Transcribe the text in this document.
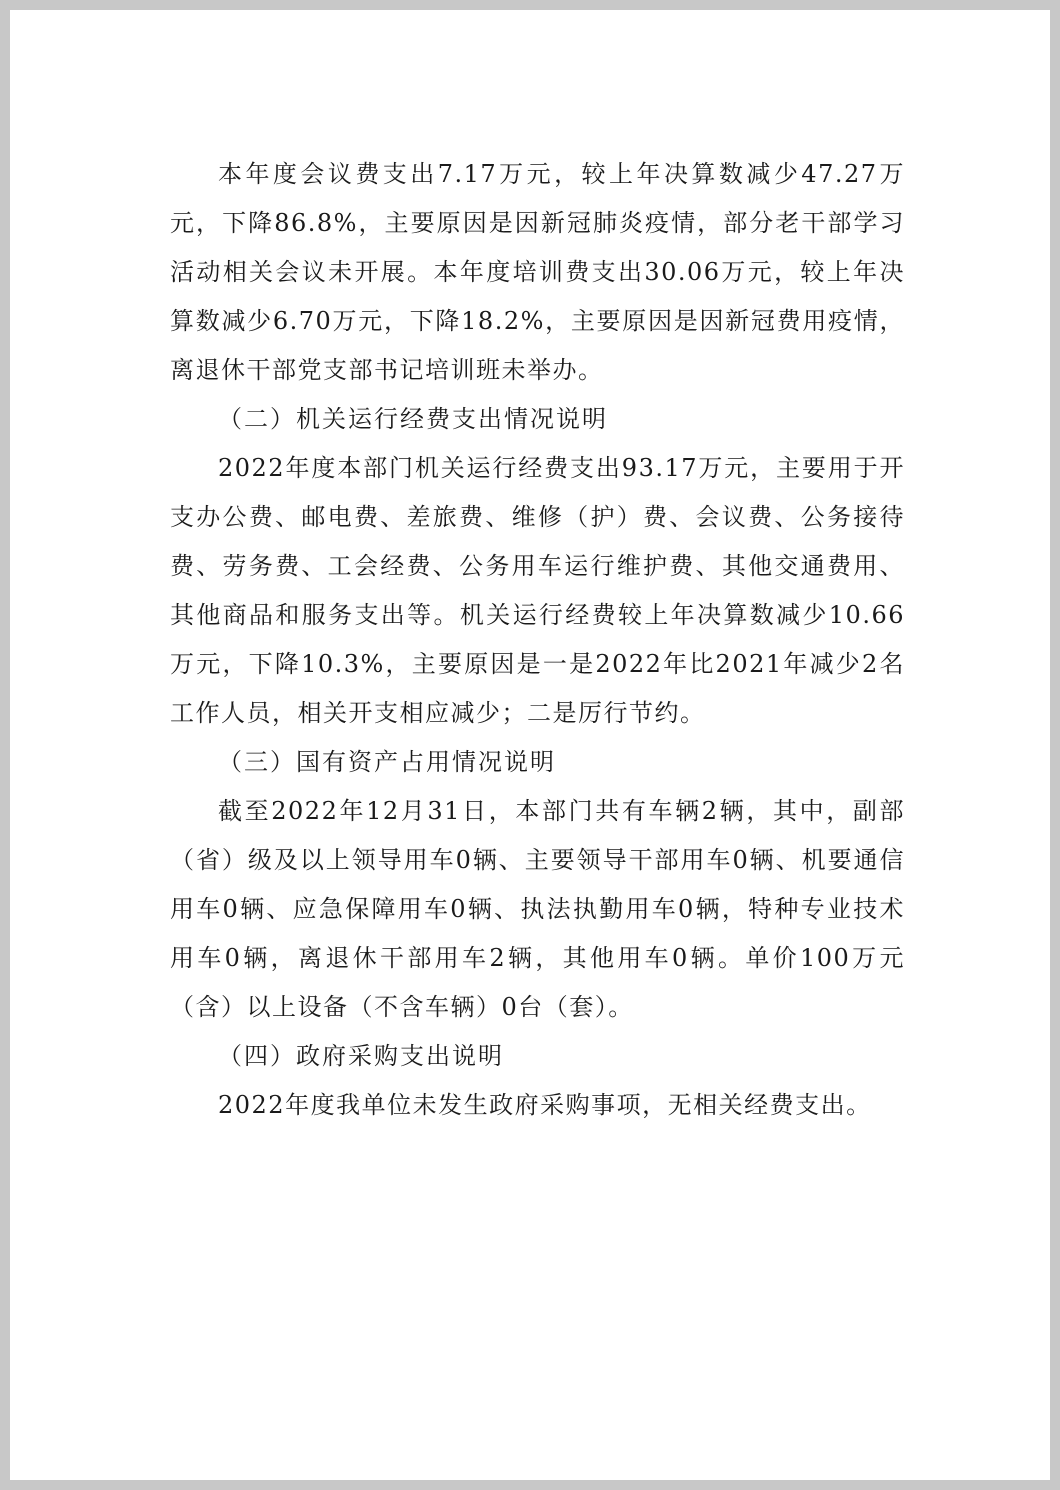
本年度会议费支出7.17万元，较上年决算数减少47.27万元，下降86.8%，主要原因是因新冠肺炎疫情，部分老干部学习活动相关会议未开展。本年度培训费支出30.06万元，较上年决算数减少6.70万元，下降18.2%，主要原因是因新冠费用疫情，离退休干部党支部书记培训班未举办。

（二）机关运行经费支出情况说明

2022年度本部门机关运行经费支出93.17万元，主要用于开支办公费、邮电费、差旅费、维修（护）费、会议费、公务接待费、劳务费、工会经费、公务用车运行维护费、其他交通费用、其他商品和服务支出等。机关运行经费较上年决算数减少10.66万元，下降10.3%，主要原因是一是2022年比2021年减少2名工作人员，相关开支相应减少；二是厉行节约。

（三）国有资产占用情况说明

截至2022年12月31日，本部门共有车辆2辆，其中，副部（省）级及以上领导用车0辆、主要领导干部用车0辆、机要通信用车0辆、应急保障用车0辆、执法执勤用车0辆，特种专业技术用车0辆，离退休干部用车2辆，其他用车0辆。单价100万元（含）以上设备（不含车辆）0台（套）。

（四）政府采购支出说明

2022年度我单位未发生政府采购事项，无相关经费支出。
